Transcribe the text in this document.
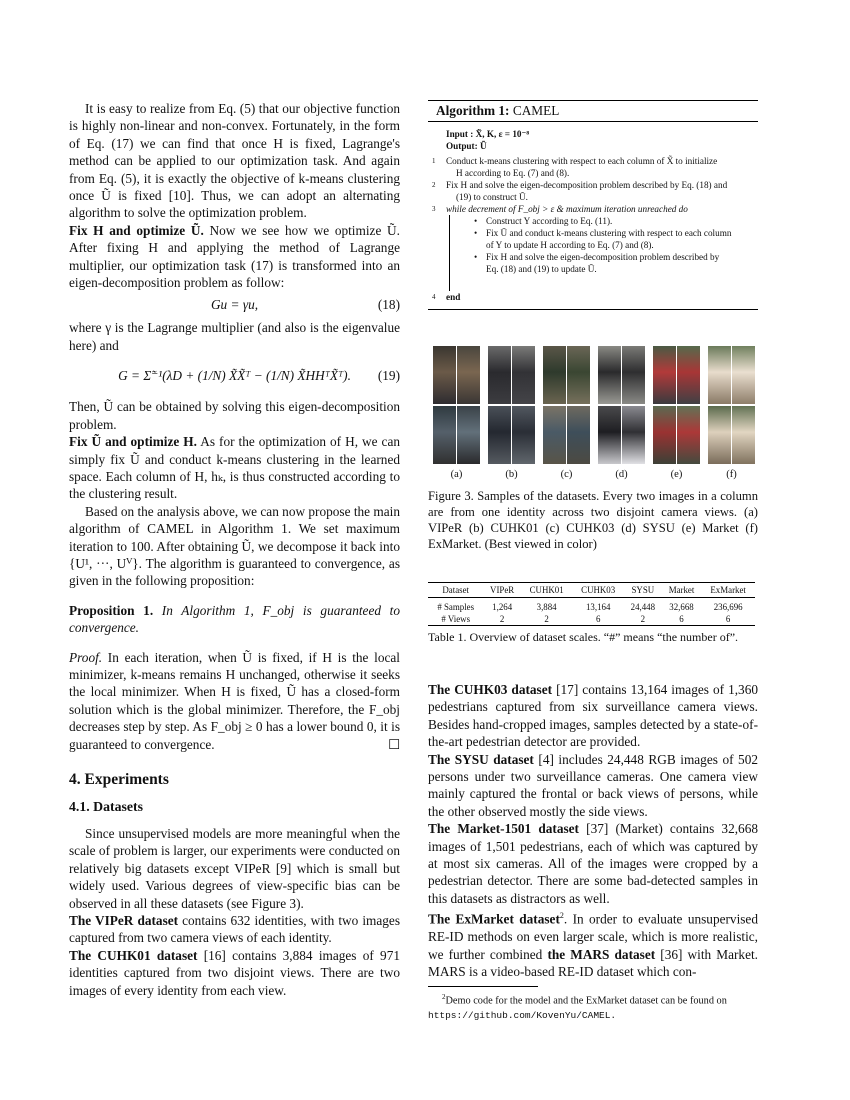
It is easy to realize from Eq. (5) that our objective function is highly non-linear and non-convex. Fortunately, in the form of Eq. (17) we can find that once H is fixed, Lagrange's method can be applied to our optimization task. And again from Eq. (5), it is exactly the objective of k-means clustering once Ũ is fixed [10]. Thus, we can adopt an alternating algorithm to solve the optimization problem.

Fix H and optimize Ũ. Now we see how we optimize Ũ. After fixing H and applying the method of Lagrange multiplier, our optimization task (17) is transformed into an eigen-decomposition problem as follow:

Gu = γu,	(18)

where γ is the Lagrange multiplier (and also is the eigenvalue here) and

G = Σ̃⁻¹(λD + (1/N) X̃X̃ᵀ − (1/N) X̃HHᵀX̃ᵀ). (19)

Then, Ũ can be obtained by solving this eigen-decomposition problem.

Fix Ũ and optimize H. As for the optimization of H, we can simply fix Ũ and conduct k-means clustering in the learned space. Each column of H, hₖ, is thus constructed according to the clustering result.

Based on the analysis above, we can now propose the main algorithm of CAMEL in Algorithm 1. We set maximum iteration to 100. After obtaining Ũ, we decompose it back into {U¹, ···, Uⱽ}. The algorithm is guaranteed to convergence, as given in the following proposition:

Proposition 1. In Algorithm 1, F_obj is guaranteed to convergence.

Proof. In each iteration, when Ũ is fixed, if H is the local minimizer, k-means remains H unchanged, otherwise it seeks the local minimizer. When H is fixed, Ũ has a closed-form solution which is the global minimizer. Therefore, the F_obj decreases step by step. As F_obj ≥ 0 has a lower bound 0, it is guaranteed to convergence.	☐

4. Experiments
4.1. Datasets

Since unsupervised models are more meaningful when the scale of problem is larger, our experiments were conducted on relatively big datasets except VIPeR [9] which is small but widely used. Various degrees of view-specific bias can be observed in all these datasets (see Figure 3).

The VIPeR dataset contains 632 identities, with two images captured from two camera views of each identity.

The CUHK01 dataset [16] contains 3,884 images of 971 identities captured from two disjoint views. There are two images of every identity from each view.

Algorithm 1: CAMEL
Input : X̃, K, ε = 10⁻⁸
Output: Ũ
1 Conduct k-means clustering with respect to each column of X̃ to initialize
H according to Eq. (7) and (8).
2 Fix H and solve the eigen-decomposition problem described by Eq. (18) and
(19) to construct Ũ.
3 while decrement of F_obj > ε & maximum iteration unreached do
• Construct Y according to Eq. (11).
• Fix Ũ and conduct k-means clustering with respect to each column
of Y to update H according to Eq. (7) and (8).
• Fix H and solve the eigen-decomposition problem described by
Eq. (18) and (19) to update Ũ.
4 end
(a)	(b)	(c)	(d)	(e)	(f)

Figure 3. Samples of the datasets. Every two images in a column are from one identity across two disjoint camera views. (a) VIPeR (b) CUHK01 (c) CUHK03 (d) SYSU (e) Market (f) ExMarket. (Best viewed in color)

Dataset	VIPeR	CUHK01	CUHK03	SYSU	Market	ExMarket
# Samples	1,264	3,884	13,164	24,448	32,668	236,696
# Views	2	2	6	2	6	6

Table 1. Overview of dataset scales. “#” means “the number of”.

The CUHK03 dataset [17] contains 13,164 images of 1,360 pedestrians captured from six surveillance camera views. Besides hand-cropped images, samples detected by a state-of-the-art pedestrian detector are provided.

The SYSU dataset [4] includes 24,448 RGB images of 502 persons under two surveillance cameras. One camera view mainly captured the frontal or back views of persons, while the other observed mostly the side views.

The Market-1501 dataset [37] (Market) contains 32,668 images of 1,501 pedestrians, each of which was captured by at most six cameras. All of the images were cropped by a pedestrian detector. There are some bad-detected samples in this datasets as distractors as well.

The ExMarket dataset$^2$. In order to evaluate unsupervised RE-ID methods on even larger scale, which is more realistic, we further combined the MARS dataset [36] with Market. MARS is a video-based RE-ID dataset which con-

$^2$Demo code for the model and the ExMarket dataset can be found on
https://github.com/KovenYu/CAMEL.
